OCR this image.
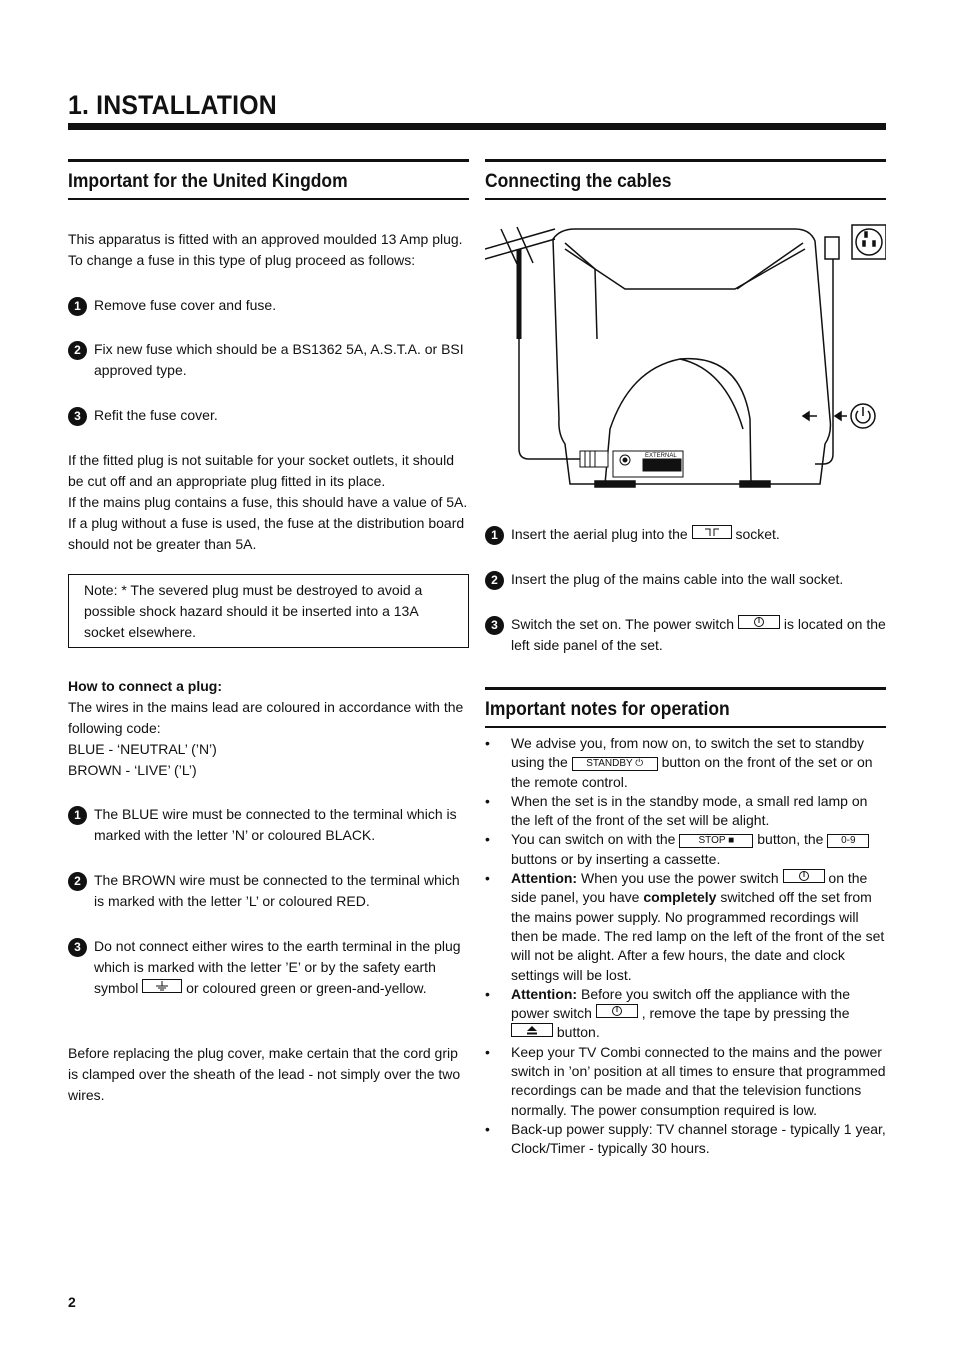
1. INSTALLATION
Important for the United Kingdom
This apparatus is fitted with an approved moulded 13 Amp plug. To change a fuse in this type of plug proceed as follows:
1 Remove fuse cover and fuse.
2 Fix new fuse which should be a BS1362 5A, A.S.T.A. or BSI approved type.
3 Refit the fuse cover.
If the fitted plug is not suitable for your socket outlets, it should be cut off and an appropriate plug fitted in its place.
If the mains plug contains a fuse, this should have a value of 5A. If a plug without a fuse is used, the fuse at the distribution board should not be greater than 5A.
Note: * The severed plug must be destroyed to avoid a possible shock hazard should it be inserted into a 13A socket elsewhere.
How to connect a plug:
The wires in the mains lead are coloured in accordance with the following code:
BLUE - ‘NEUTRAL’ (’N’)
BROWN - ‘LIVE’ (’L’)
1 The BLUE wire must be connected to the terminal which is marked with the letter ’N’ or coloured BLACK.
2 The BROWN wire must be connected to the terminal which is marked with the letter ’L’ or coloured RED.
3 Do not connect either wires to the earth terminal in the plug which is marked with the letter ’E’ or by the safety earth symbol	or coloured green or green-and-yellow.
Before replacing the plug cover, make certain that the cord grip is clamped over the sheath of the lead - not simply over the two wires.
Connecting the cables
EXTERNAL
1 Insert the aerial plug into the	socket.
2 Insert the plug of the mains cable into the wall socket.
3 Switch the set on. The power switch	is located on the left side panel of the set.
Important notes for operation
• We advise you, from now on, to switch the set to standby using the STANDBY ⏻ button on the front of the set or on the remote control.
• When the set is in the standby mode, a small red lamp on the left of the front of the set will be alight.
• You can switch on with the STOP ■ button, the 0-9 buttons or by inserting a cassette.
• Attention: When you use the power switch	on the side panel, you have completely switched off the set from the mains power supply. No programmed recordings will then be made. The red lamp on the left of the front of the set will not be alight. After a few hours, the date and clock settings will be lost.
• Attention: Before you switch off the appliance with the power switch	, remove the tape by pressing the  button.
• Keep your TV Combi connected to the mains and the power switch in ’on’ position at all times to ensure that programmed recordings can be made and that the television functions normally. The power consumption required is low.
• Back-up power supply: TV channel storage - typically 1 year, Clock/Timer - typically 30 hours.
2
